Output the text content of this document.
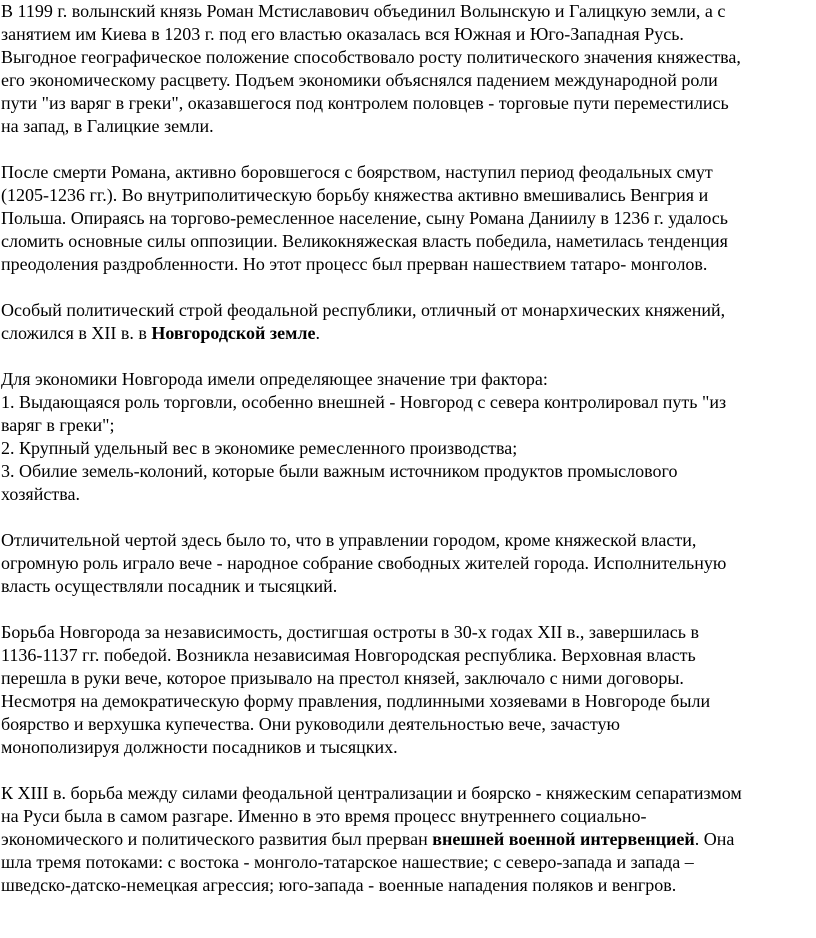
В 1199 г. волынский князь Роман Мстиславович объединил Волынскую и Галицкую земли, а с
занятием им Киева в 1203 г. под его властью оказалась вся Южная и Юго-Западная Русь.
Выгодное географическое положение способствовало росту политического значения княжества,
его экономическому расцвету. Подъем экономики объяснялся падением международной роли
пути "из варяг в греки", оказавшегося под контролем половцев - торговые пути переместились
на запад, в Галицкие земли.

После смерти Романа, активно боровшегося с боярством, наступил период феодальных смут
(1205-1236 гг.). Во внутриполитическую борьбу княжества активно вмешивались Венгрия и
Польша. Опираясь на торгово-ремесленное население, сыну Романа Даниилу в 1236 г. удалось
сломить основные силы оппозиции. Великокняжеская власть победила, наметилась тенденция
преодоления раздробленности. Но этот процесс был прерван нашествием татаро- монголов.

Особый политический строй феодальной республики, отличный от монархических княжений,
сложился в XII в. в Новгородской земле.

Для экономики Новгорода имели определяющее значение три фактора:
1. Выдающаяся роль торговли, особенно внешней - Новгород с севера контролировал путь "из
варяг в греки";
2. Крупный удельный вес в экономике ремесленного производства;
3. Обилие земель-колоний, которые были важным источником продуктов промыслового
хозяйства.

Отличительной чертой здесь было то, что в управлении городом, кроме княжеской власти,
огромную роль играло вече - народное собрание свободных жителей города. Исполнительную
власть осуществляли посадник и тысяцкий.

Борьба Новгорода за независимость, достигшая остроты в 30-х годах XII в., завершилась в
1136-1137 гг. победой. Возникла независимая Новгородская республика. Верховная власть
перешла в руки вече, которое призывало на престол князей, заключало с ними договоры.
Несмотря на демократическую форму правления, подлинными хозяевами в Новгороде были
боярство и верхушка купечества. Они руководили деятельностью вече, зачастую
монополизируя должности посадников и тысяцких.

К XIII в. борьба между силами феодальной централизации и боярско - княжеским сепаратизмом
на Руси была в самом разгаре. Именно в это время процесс внутреннего социально-
экономического и политического развития был прерван внешней военной интервенцией. Она
шла тремя потоками: с востока - монголо-татарское нашествие; с северо-запада и запада –
шведско-датско-немецкая агрессия; юго-запада - военные нападения поляков и венгров.
